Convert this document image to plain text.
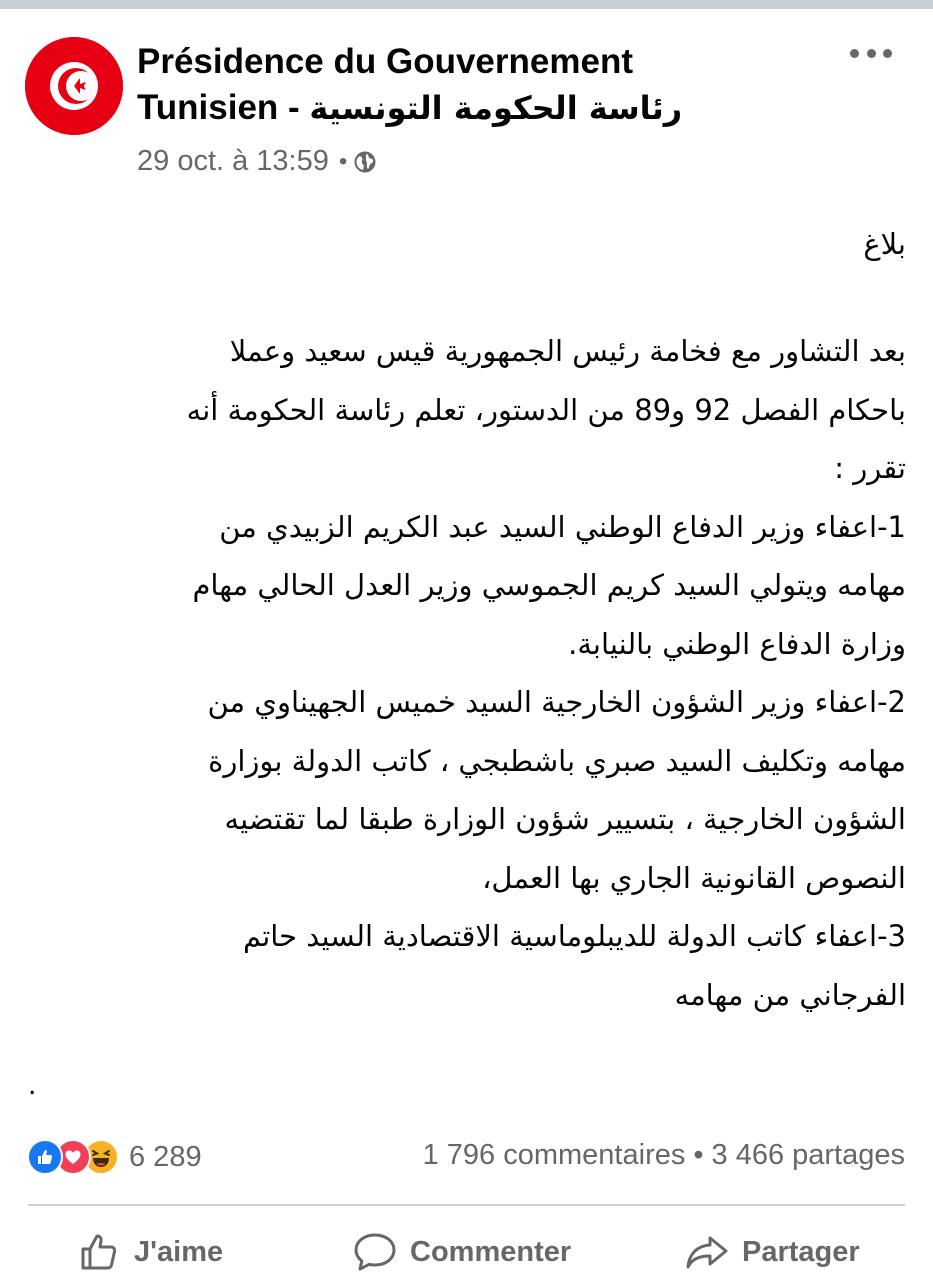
Présidence du Gouvernement
Tunisien - رئاسة الحكومة التونسية
29 oct. à 13:59 •
بلاغ
بعد التشاور مع فخامة رئيس الجمهورية قيس سعيد وعملا
باحكام الفصل 92 و89 من الدستور، تعلم رئاسة الحكومة أنه
تقرر :
1-اعفاء وزير الدفاع الوطني السيد عبد الكريم الزبيدي من
مهامه ويتولي السيد كريم الجموسي وزير العدل الحالي مهام
وزارة الدفاع الوطني بالنيابة.
2-اعفاء وزير الشؤون الخارجية السيد خميس الجهيناوي من
مهامه وتكليف السيد صبري باشطبجي ، كاتب الدولة بوزارة
الشؤون الخارجية ، بتسيير شؤون الوزارة طبقا لما تقتضيه
النصوص القانونية الجاري بها العمل،
3-اعفاء كاتب الدولة للديبلوماسية الاقتصادية السيد حاتم
الفرجاني من مهامه
.
6 289	1 796 commentaires • 3 466 partages
J'aime	Commenter	Partager
